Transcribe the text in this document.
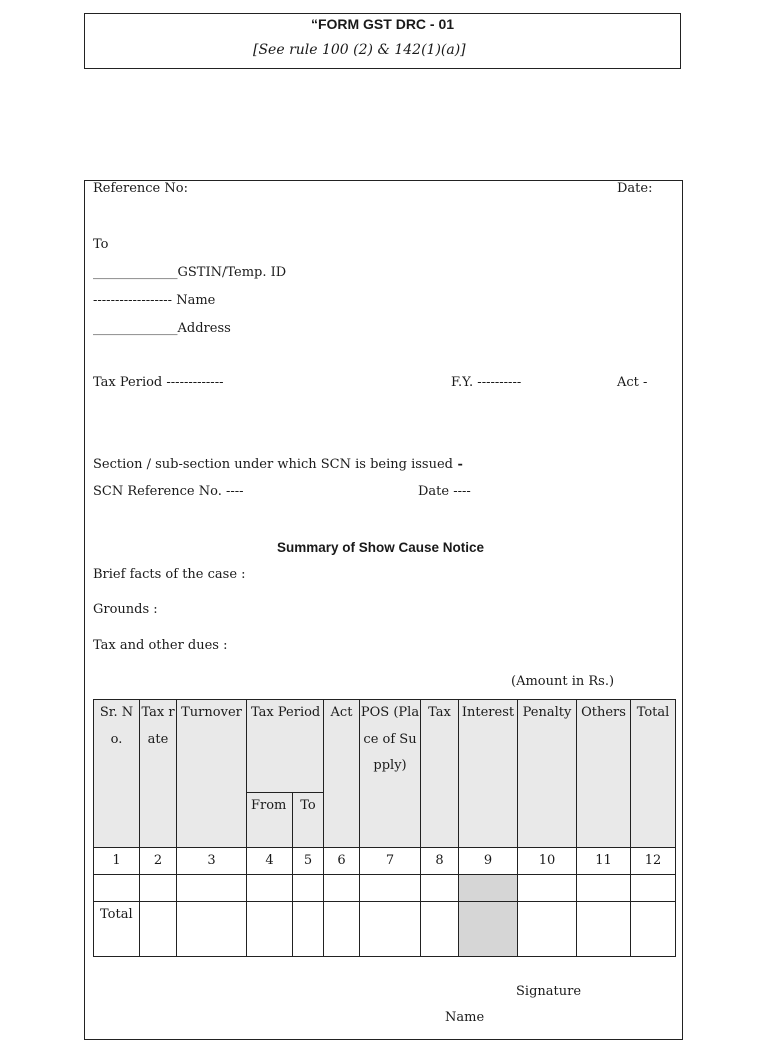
“FORM GST DRC - 01
[See rule 100 (2) & 142(1)(a)]
Reference No:	Date:
To
_____________GSTIN/Temp. ID
------------------ Name
_____________Address
Tax Period -------------	F.Y. ----------	Act -
Section / sub-section under which SCN is being issued -
SCN Reference No. ----	Date ----
Summary of Show Cause Notice
Brief facts of the case :
Grounds :
Tax and other dues :
(Amount in Rs.)
Sr. No.	Tax rate	Turnover	Tax Period		Act	POS (Place of Supply)	Tax	Interest	Penalty	Others	Total
			From	To							
1	2	3	4	5	6	7	8	9	10	11	12

Total											
Signature
Name
